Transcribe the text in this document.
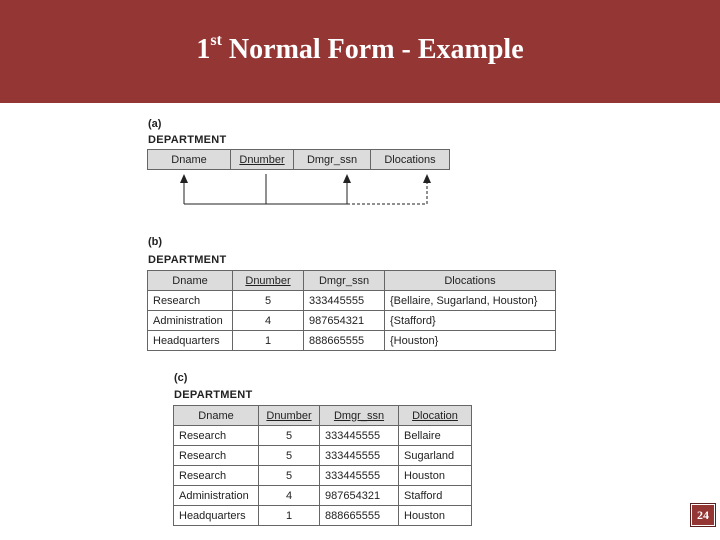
1st Normal Form - Example
(a)
DEPARTMENT
Dname	Dnumber	Dmgr_ssn	Dlocations
(b)
DEPARTMENT
Dname	Dnumber	Dmgr_ssn	Dlocations
Research	5	333445555	{Bellaire, Sugarland, Houston}
Administration	4	987654321	{Stafford}
Headquarters	1	888665555	{Houston}
(c)
DEPARTMENT
Dname	Dnumber	Dmgr_ssn	Dlocation
Research	5	333445555	Bellaire
Research	5	333445555	Sugarland
Research	5	333445555	Houston
Administration	4	987654321	Stafford
Headquarters	1	888665555	Houston	24
